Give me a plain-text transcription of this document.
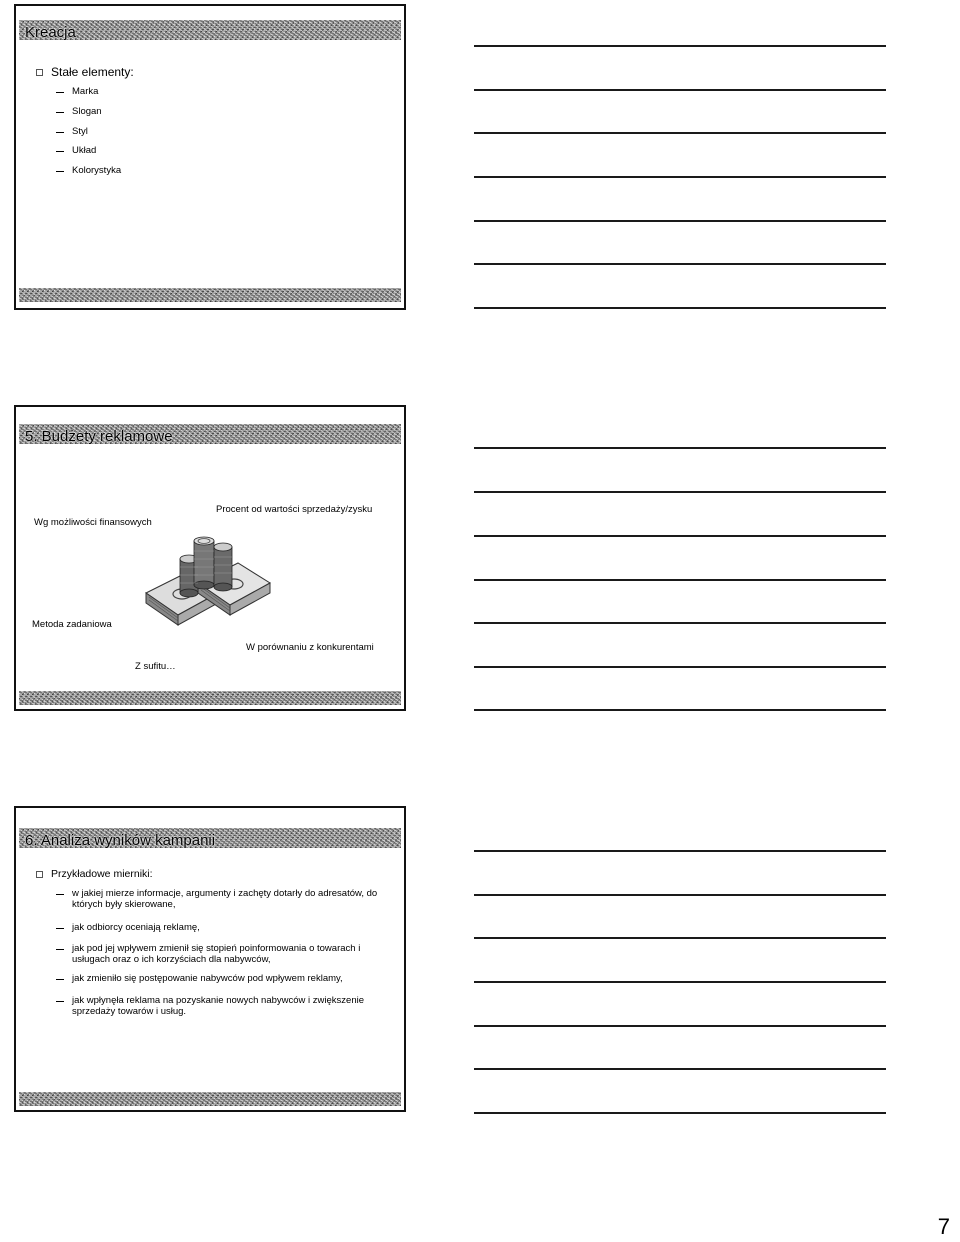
Kreacja
Stałe elementy:
Marka
Slogan
Styl
Układ
Kolorystyka
5. Budżety reklamowe
Wg możliwości finansowych
Procent od wartości sprzedaży/zysku
Metoda zadaniowa
W porównaniu z konkurentami
Z sufitu…
6. Analiza wyników kampanii
Przykładowe mierniki:
w jakiej mierze informacje, argumenty i zachęty dotarły do adresatów, do których były skierowane,
jak odbiorcy oceniają reklamę,
jak pod jej wpływem zmienił się stopień poinformowania o towarach i usługach oraz o ich korzyściach dla nabywców,
jak zmieniło się postępowanie nabywców pod wpływem reklamy,
jak wpłynęła reklama na pozyskanie nowych nabywców i zwiększenie sprzedaży towarów i usług.
7
